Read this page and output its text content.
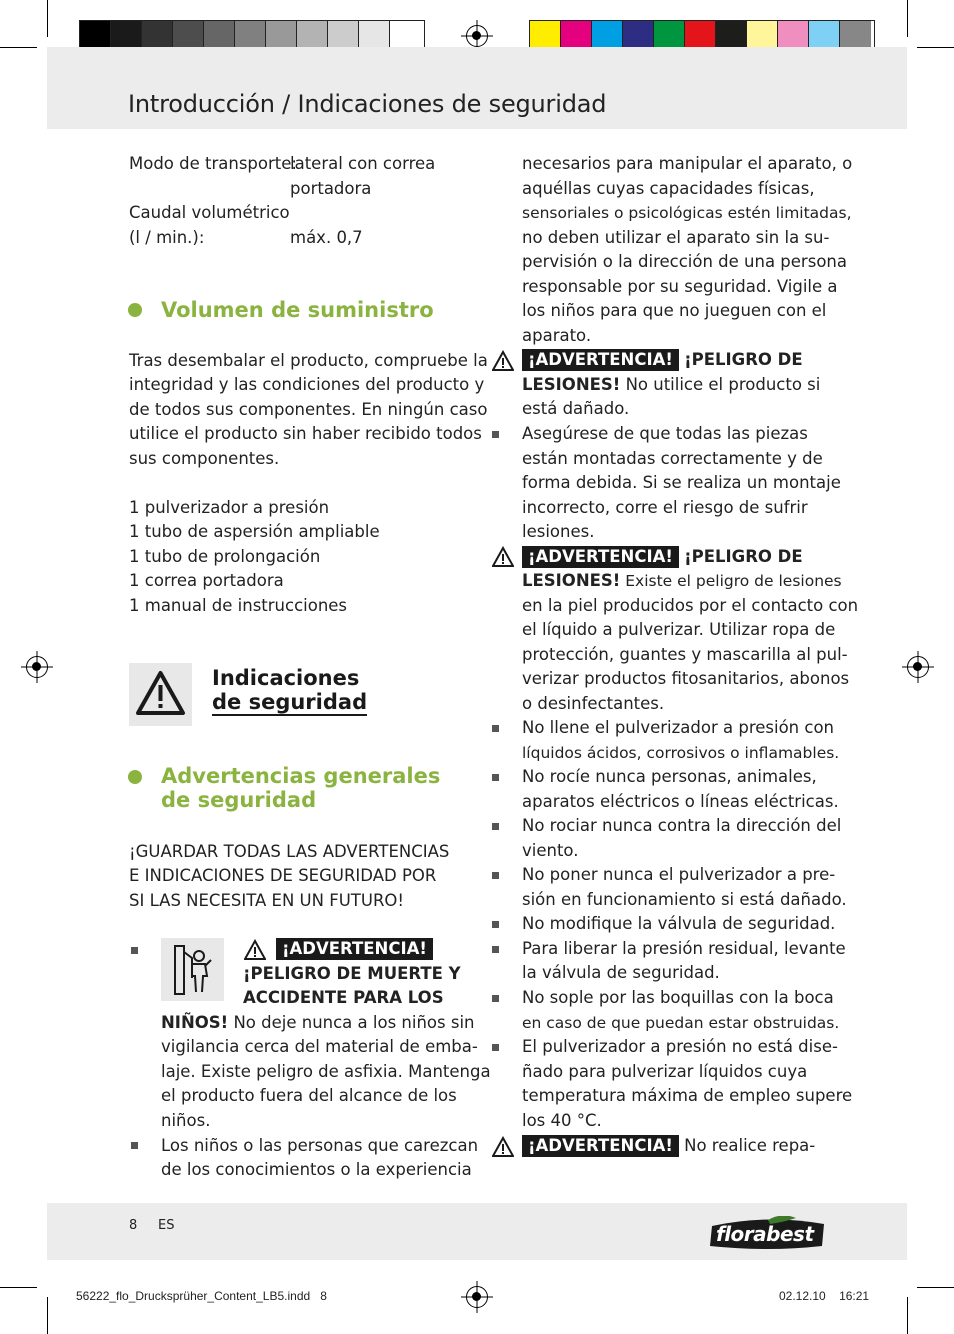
Introducción / Indicaciones de seguridad
Modo de transporte:
lateral con correa
portadora
Caudal volumétrico
(l / min.):	máx. 0,7
Volumen de suministro
Tras desembalar el producto, compruebe la
integridad y las condiciones del producto y
de todos sus componentes. En ningún caso
utilice el producto sin haber recibido todos
sus componentes.
1 pulverizador a presión
1 tubo de aspersión ampliable
1 tubo de prolongación
1 correa portadora
1 manual de instrucciones
Indicaciones
de seguridad
Advertencias generales
de seguridad
¡GUARDAR TODAS LAS ADVERTENCIAS
E INDICACIONES DE SEGURIDAD POR
SI LAS NECESITA EN UN FUTURO!
¡ADVERTENCIA!
¡PELIGRO DE MUERTE Y
ACCIDENTE PARA LOS
NIÑOS! No deje nunca a los niños sin
vigilancia cerca del material de emba-
laje. Existe peligro de asfixia. Mantenga
el producto fuera del alcance de los
niños.
Los niños o las personas que carezcan
de los conocimientos o la experiencia
necesarios para manipular el aparato, o
aquéllas cuyas capacidades físicas,
sensoriales o psicológicas estén limitadas,
no deben utilizar el aparato sin la su-
pervisión o la dirección de una persona
responsable por su seguridad. Vigile a
los niños para que no jueguen con el
aparato.
¡ADVERTENCIA! ¡PELIGRO DE
LESIONES! No utilice el producto si
está dañado.
Asegúrese de que todas las piezas
están montadas correctamente y de
forma debida. Si se realiza un montaje
incorrecto, corre el riesgo de sufrir
lesiones.
¡ADVERTENCIA! ¡PELIGRO DE
LESIONES! Existe el peligro de lesiones
en la piel producidos por el contacto con
el líquido a pulverizar. Utilizar ropa de
protección, guantes y mascarilla al pul-
verizar productos fitosanitarios, abonos
o desinfectantes.
No llene el pulverizador a presión con
líquidos ácidos, corrosivos o inflamables.
No rocíe nunca personas, animales,
aparatos eléctricos o líneas eléctricas.
No rociar nunca contra la dirección del
viento.
No poner nunca el pulverizador a pre-
sión en funcionamiento si está dañado.
No modifique la válvula de seguridad.
Para liberar la presión residual, levante
la válvula de seguridad.
No sople por las boquillas con la boca
en caso de que puedan estar obstruidas.
El pulverizador a presión no está dise-
ñado para pulverizar líquidos cuya
temperatura máxima de empleo supere
los 40 °C.
¡ADVERTENCIA! No realice repa-
8 ES	florabest
56222_flo_Drucksprüher_Content_LB5.indd 8	02.12.10 16:21
